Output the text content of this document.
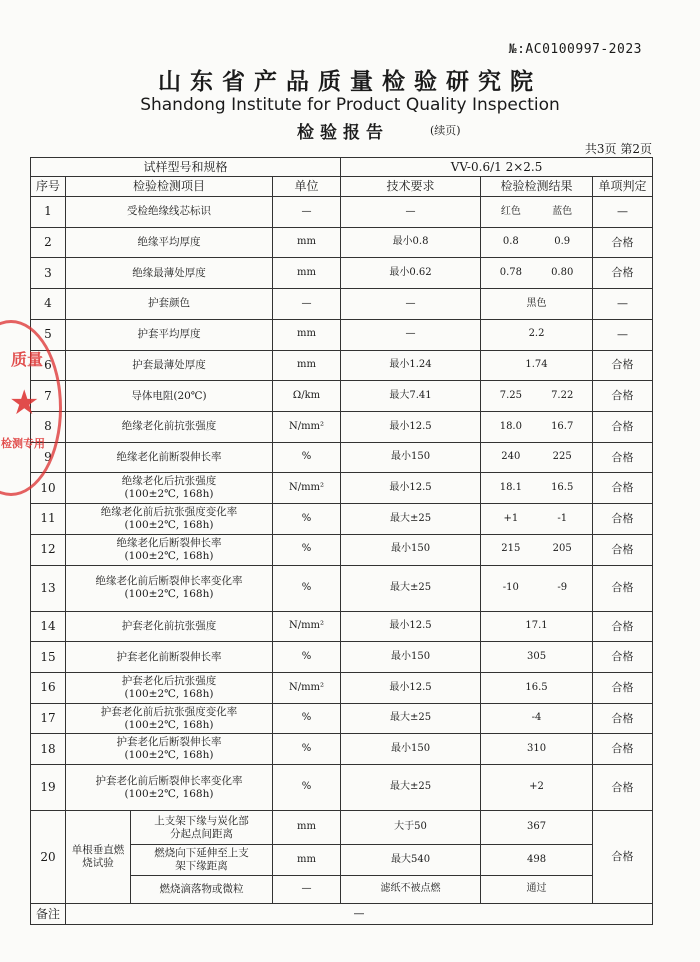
№:AC0100997-2023
山东省产品质量检验研究院
Shandong Institute for Product Quality Inspection
检验报告	(续页)
共3页 第2页
试样型号和规格				VV-0.6/1 2×2.5		
序号	检验检测项目		单位	技术要求	检验检测结果	单项判定
1	受检绝缘线芯标识		—	—	红色 蓝色	—
2	绝缘平均厚度		mm	最小0.8	0.8 0.9	合格
3	绝缘最薄处厚度		mm	最小0.62	0.78 0.80	合格
4	护套颜色		—	—	黑色	—
5	护套平均厚度		mm	—	2.2	—
6	护套最薄处厚度		mm	最小1.24	1.74	合格
7	导体电阻(20℃)		Ω/km	最大7.41	7.25 7.22	合格
8	绝缘老化前抗张强度		N/mm²	最小12.5	18.0 16.7	合格
9	绝缘老化前断裂伸长率		%	最小150	240 225	合格
10	绝缘老化后抗张强度
(100±2℃, 168h)		N/mm²	最小12.5	18.1 16.5	合格
11	绝缘老化前后抗张强度变化率
(100±2℃, 168h)		%	最大±25	+1 -1	合格
12	绝缘老化后断裂伸长率
(100±2℃, 168h)		%	最小150	215 205	合格
13	绝缘老化前后断裂伸长率变化率
(100±2℃, 168h)		%	最大±25	-10 -9	合格
14	护套老化前抗张强度		N/mm²	最小12.5	17.1	合格
15	护套老化前断裂伸长率		%	最小150	305	合格
16	护套老化后抗张强度
(100±2℃, 168h)		N/mm²	最小12.5	16.5	合格
17	护套老化前后抗张强度变化率
(100±2℃, 168h)		%	最大±25	-4	合格
18	护套老化后断裂伸长率
(100±2℃, 168h)		%	最小150	310	合格
19	护套老化前后断裂伸长率变化率
(100±2℃, 168h)		%	最大±25	+2	合格
20	单根垂直燃烧试验	上支架下缘与炭化部
分起点间距离	mm	大于50	367	合格

		燃烧向下延伸至上支
架下缘距离	mm	最大540	498	

		燃烧滴落物或微粒	—	滤纸不被点燃	通过	
备注	—					
质量
★
检测专用
